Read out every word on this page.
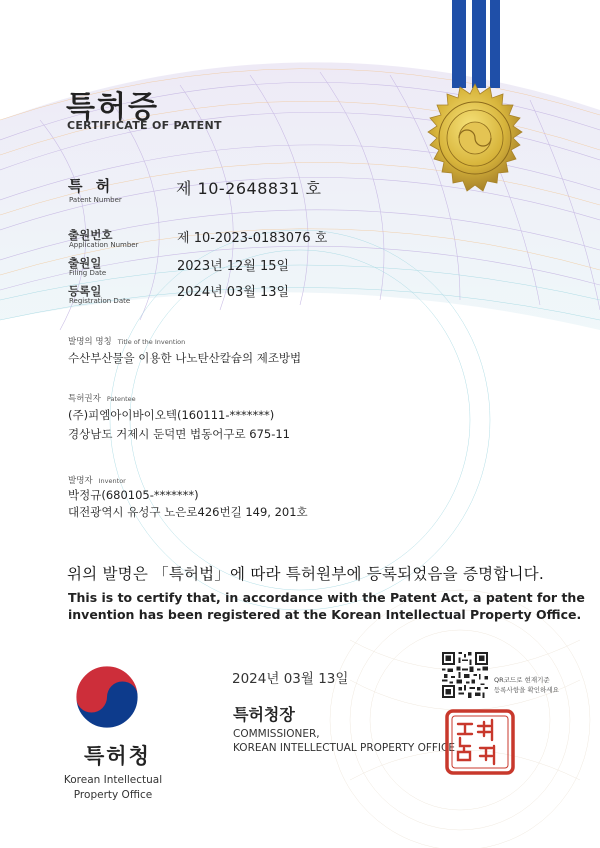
특허증
CERTIFICATE OF PATENT
특 허
Patent Number
제 10-2648831 호
출원번호
Application Number	제 10-2023-0183076 호
출원일
Filing Date	2023년 12월 15일
등록일
Registration Date
2024년 03월 13일
발명의 명칭 Title of the Invention
수산부산물을 이용한 나노탄산칼슘의 제조방법
특허권자 Patentee
(주)피엠아이바이오텍(160111-*******)
경상남도 거제시 둔덕면 법동어구로 675-11
발명자 Inventor
박정규(680105-*******)
대전광역시 유성구 노은로426번길 149, 201호
위의 발명은 「특허법」에 따라 특허원부에 등록되었음을 증명합니다.
This is to certify that, in accordance with the Patent Act, a patent for the
invention has been registered at the Korean Intellectual Property Office.
2024년 03월 13일
특허청장
COMMISSIONER,
KOREAN INTELLECTUAL PROPERTY OFFICE
QR코드로 현재기준
등록사항을 확인하세요
특허청
Korean Intellectual
Property Office
